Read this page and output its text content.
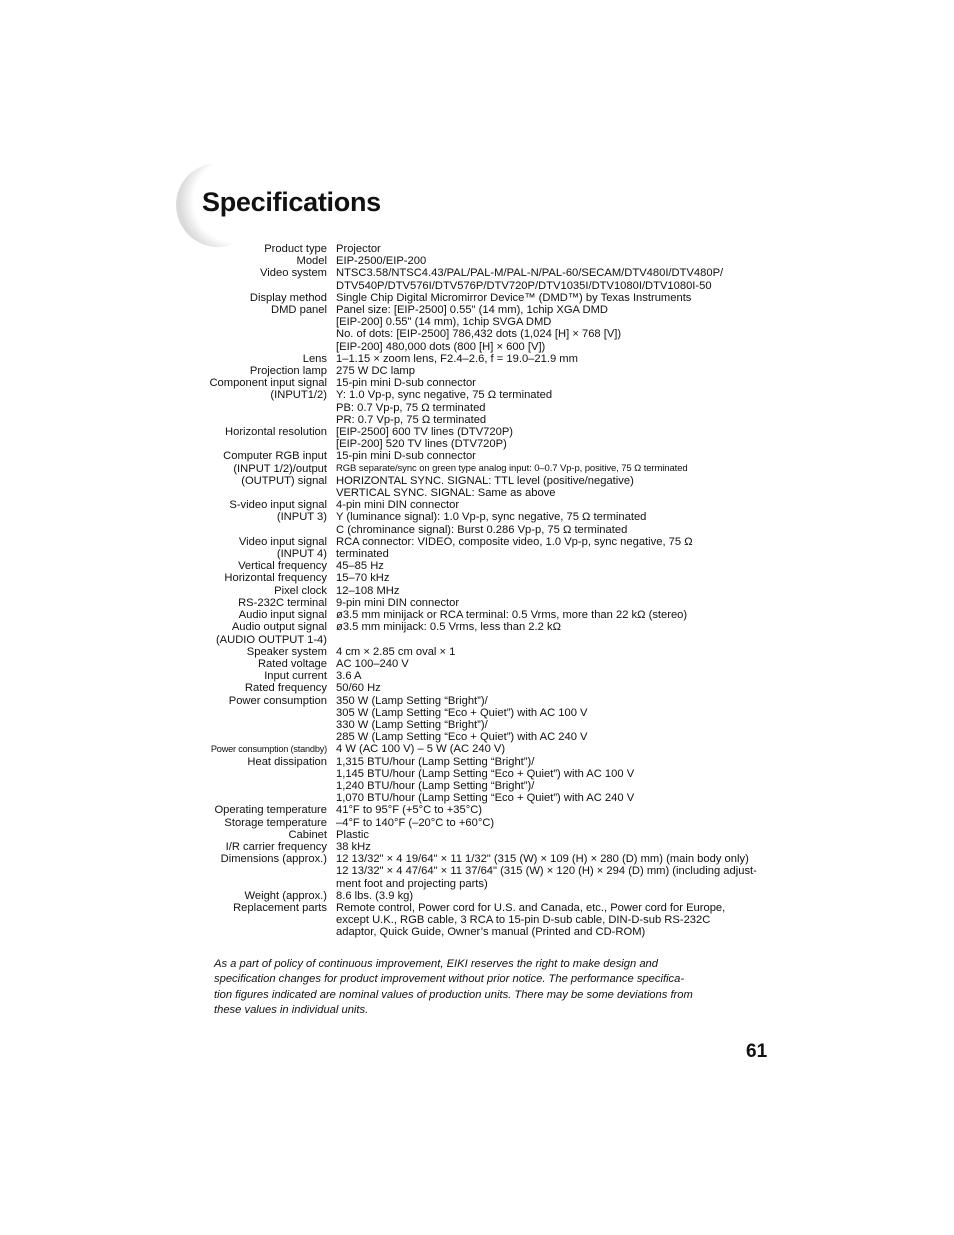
Specifications
Product type Projector
Model EIP-2500/EIP-200
Video system NTSC3.58/NTSC4.43/PAL/PAL-M/PAL-N/PAL-60/SECAM/DTV480I/DTV480P/
DTV540P/DTV576I/DTV576P/DTV720P/DTV1035I/DTV1080I/DTV1080I-50
Display method Single Chip Digital Micromirror Device™ (DMD™) by Texas Instruments
DMD panel Panel size: [EIP-2500] 0.55" (14 mm), 1chip XGA DMD
[EIP-200] 0.55" (14 mm), 1chip SVGA DMD
No. of dots: [EIP-2500] 786,432 dots (1,024 [H] × 768 [V])
[EIP-200] 480,000 dots (800 [H] × 600 [V])
Lens 1–1.15 × zoom lens, F2.4–2.6, f = 19.0–21.9 mm
Projection lamp 275 W DC lamp
Component input signal
(INPUT1/2)
15-pin mini D-sub connector
Y: 1.0 Vp-p, sync negative, 75 Ω terminated
PB: 0.7 Vp-p, 75 Ω terminated
PR: 0.7 Vp-p, 75 Ω terminated
Horizontal resolution [EIP-2500] 600 TV lines (DTV720P)
[EIP-200] 520 TV lines (DTV720P)
Computer RGB input
(INPUT 1/2)/output
(OUTPUT) signal
15-pin mini D-sub connector
RGB separate/sync on green type analog input: 0–0.7 Vp-p, positive, 75 Ω terminated
HORIZONTAL SYNC. SIGNAL: TTL level (positive/negative)
VERTICAL SYNC. SIGNAL: Same as above
S-video input signal
(INPUT 3)
4-pin mini DIN connector
Y (luminance signal): 1.0 Vp-p, sync negative, 75 Ω terminated
C (chrominance signal): Burst 0.286 Vp-p, 75 Ω terminated
Video input signal
(INPUT 4)
RCA connector: VIDEO, composite video, 1.0 Vp-p, sync negative, 75 Ω
terminated
Vertical frequency 45–85 Hz
Horizontal frequency 15–70 kHz
Pixel clock 12–108 MHz
RS-232C terminal 9-pin mini DIN connector
Audio input signal ø3.5 mm minijack or RCA terminal: 0.5 Vrms, more than 22 kΩ (stereo)
Audio output signal
(AUDIO OUTPUT 1-4)
ø3.5 mm minijack: 0.5 Vrms, less than 2.2 kΩ
Speaker system 4 cm × 2.85 cm oval × 1
Rated voltage AC 100–240 V
Input current 3.6 A
Rated frequency 50/60 Hz
Power consumption 350 W (Lamp Setting “Bright”)/
305 W (Lamp Setting “Eco + Quiet”) with AC 100 V
330 W (Lamp Setting “Bright”)/
285 W (Lamp Setting “Eco + Quiet”) with AC 240 V
Power consumption (standby) 4 W (AC 100 V) – 5 W (AC 240 V)
Heat dissipation 1,315 BTU/hour (Lamp Setting “Bright”)/
1,145 BTU/hour (Lamp Setting “Eco + Quiet”) with AC 100 V
1,240 BTU/hour (Lamp Setting “Bright”)/
1,070 BTU/hour (Lamp Setting “Eco + Quiet”) with AC 240 V
Operating temperature 41°F to 95°F (+5°C to +35°C)
Storage temperature –4°F to 140°F (–20°C to +60°C)
Cabinet Plastic
I/R carrier frequency 38 kHz
Dimensions (approx.) 12 13/32" × 4 19/64" × 11 1/32" (315 (W) × 109 (H) × 280 (D) mm) (main body only)
12 13/32" × 4 47/64" × 11 37/64" (315 (W) × 120 (H) × 294 (D) mm) (including adjust-
ment foot and projecting parts)
Weight (approx.) 8.6 lbs. (3.9 kg)
Replacement parts Remote control, Power cord for U.S. and Canada, etc., Power cord for Europe,
except U.K., RGB cable, 3 RCA to 15-pin D-sub cable, DIN-D-sub RS-232C
adaptor, Quick Guide, Owner’s manual (Printed and CD-ROM)
As a part of policy of continuous improvement, EIKI reserves the right to make design and
specification changes for product improvement without prior notice. The performance specifica-
tion figures indicated are nominal values of production units. There may be some deviations from
these values in individual units.
61
